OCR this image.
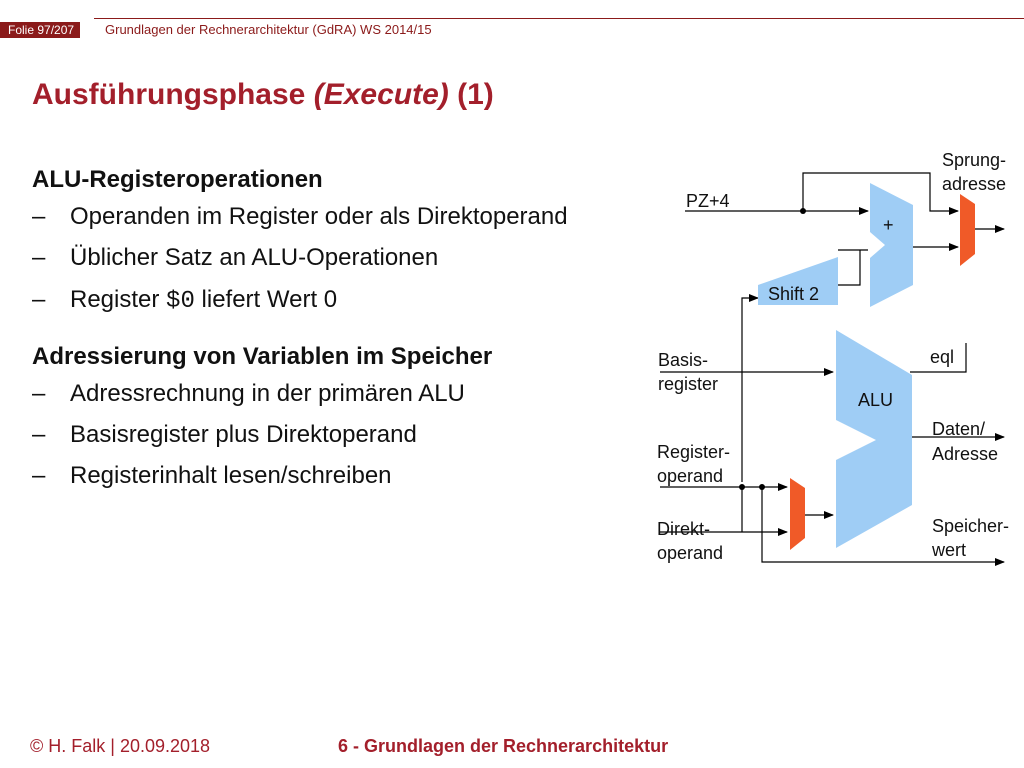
Folie 97/207	Grundlagen der Rechnerarchitektur (GdRA) WS 2014/15
Ausführungsphase (Execute) (1)
ALU-Registeroperationen
– Operanden im Register oder als Direktoperand
– Üblicher Satz an ALU-Operationen
– Register $0 liefert Wert 0
Adressierung von Variablen im Speicher
– Adressrechnung in der primären ALU
– Basisregister plus Direktoperand
– Registerinhalt lesen/schreiben
PZ+4
Sprung-
adresse
+
Shift 2
eql
Basis-
register
ALU
Daten/
Adresse
Register-
operand
Direkt-
operand
Speicher-
wert
© H. Falk | 20.09.2018	6 - Grundlagen der Rechnerarchitektur
